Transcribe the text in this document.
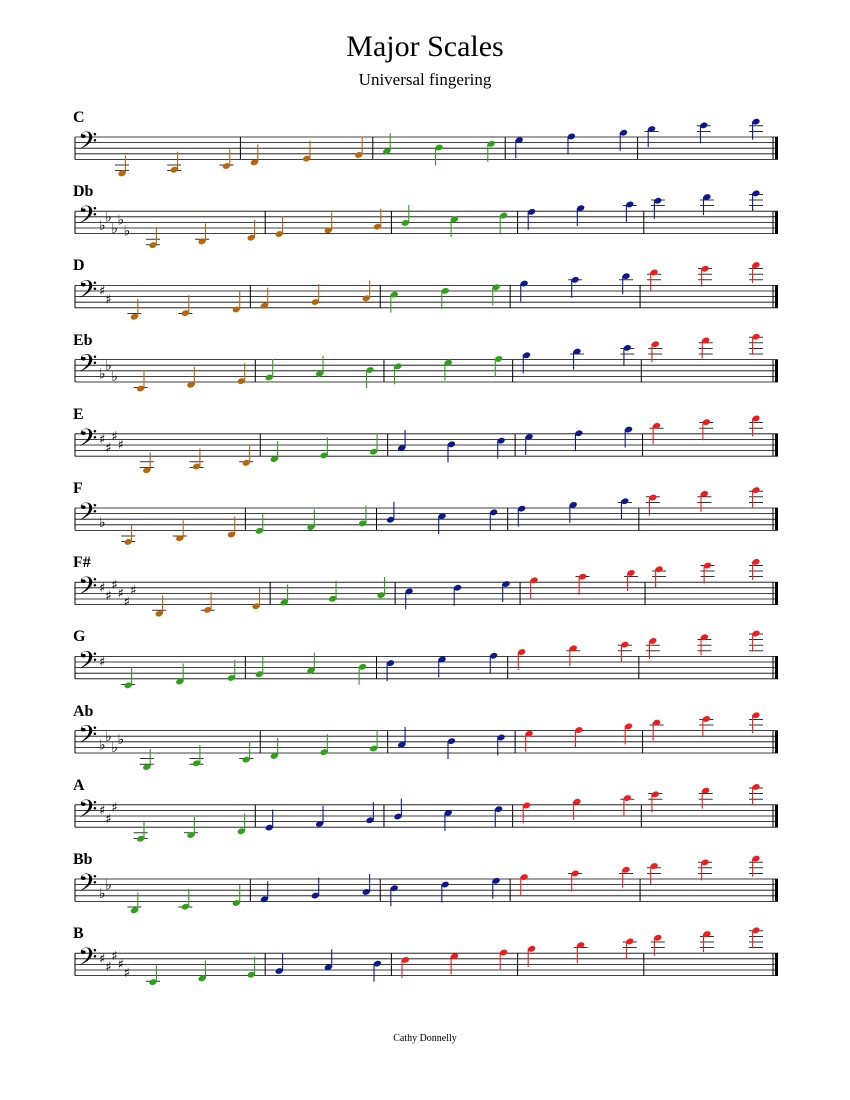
Major Scales
Universal fingering
C
Db
D
Eb
E
F
F#
G
Ab
A
Bb
B
𝄢
𝄢 ♭
♭
♭
♭
♭
𝄢 ♯
♯
𝄢 ♭
♭
♭
𝄢 ♯
♯
♯
♯
𝄢 ♭
𝄢 ♯
♯
♯
♯
♯
♯
𝄢 ♯
𝄢 ♭
♭
♭
♭
𝄢 ♯
♯
♯
𝄢 ♭
♭
𝄢 ♯
♯
♯
♯
♯
Cathy Donnelly
